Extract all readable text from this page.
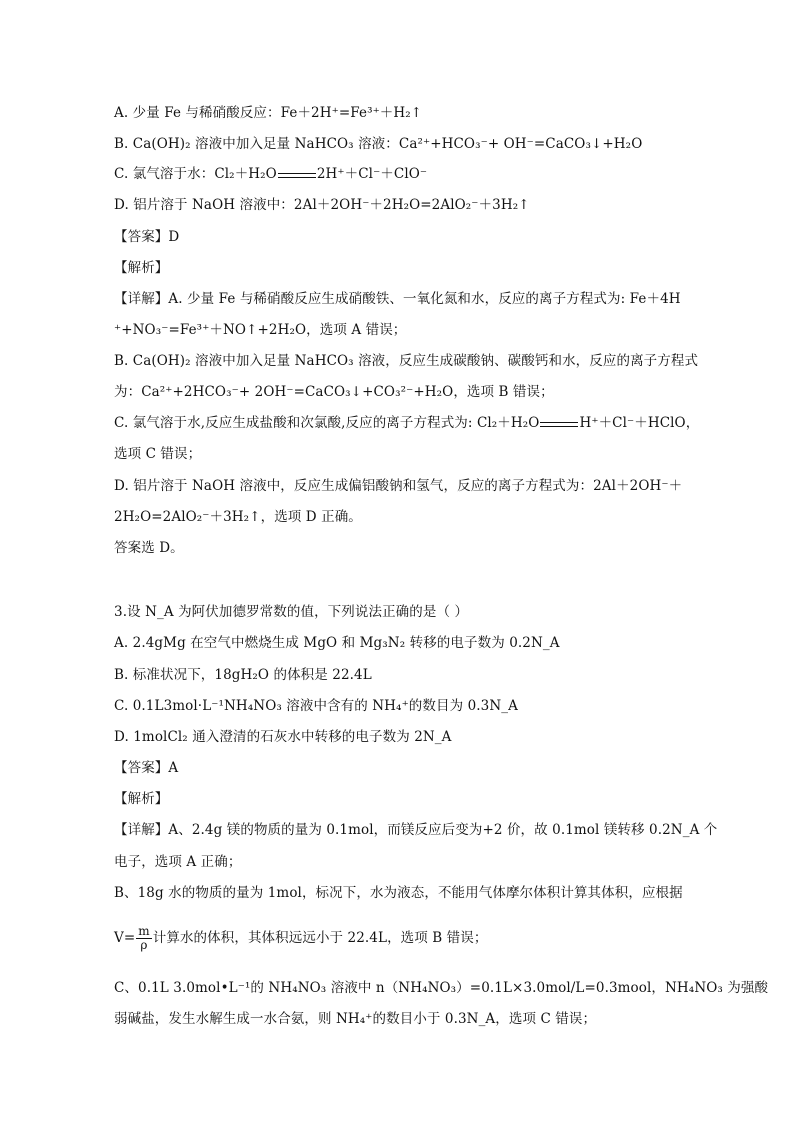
A. 少量 Fe 与稀硝酸反应：Fe＋2H⁺=Fe³⁺＋H₂↑
B. Ca(OH)₂ 溶液中加入足量 NaHCO₃ 溶液：Ca²⁺+HCO₃⁻+ OH⁻=CaCO₃↓+H₂O
C. 氯气溶于水：Cl₂＋H₂O	2H⁺＋Cl⁻＋ClO⁻
D. 铝片溶于 NaOH 溶液中：2Al＋2OH⁻＋2H₂O=2AlO₂⁻＋3H₂↑
【答案】D
【解析】
【详解】A. 少量 Fe 与稀硝酸反应生成硝酸铁、一氧化氮和水，反应的离子方程式为: Fe＋4H
⁺+NO₃⁻=Fe³⁺＋NO↑+2H₂O，选项 A 错误；
B. Ca(OH)₂ 溶液中加入足量 NaHCO₃ 溶液，反应生成碳酸钠、碳酸钙和水，反应的离子方程式
为：Ca²⁺+2HCO₃⁻+ 2OH⁻=CaCO₃↓+CO₃²⁻+H₂O，选项 B 错误；
C. 氯气溶于水,反应生成盐酸和次氯酸,反应的离子方程式为: Cl₂＋H₂O	H⁺＋Cl⁻＋HClO，
选项 C 错误；
D. 铝片溶于 NaOH 溶液中，反应生成偏铝酸钠和氢气，反应的离子方程式为：2Al＋2OH⁻＋
2H₂O=2AlO₂⁻＋3H₂↑，选项 D 正确。
答案选 D。
3.设 N_A 为阿伏加德罗常数的值，下列说法正确的是（ ）
A. 2.4gMg 在空气中燃烧生成 MgO 和 Mg₃N₂ 转移的电子数为 0.2N_A
B. 标准状况下，18gH₂O 的体积是 22.4L
C. 0.1L3mol·L⁻¹NH₄NO₃ 溶液中含有的 NH₄⁺的数目为 0.3N_A
D. 1molCl₂ 通入澄清的石灰水中转移的电子数为 2N_A
【答案】A
【解析】
【详解】A、2.4g 镁的物质的量为 0.1mol，而镁反应后变为+2 价，故 0.1mol 镁转移 0.2N_A 个
电子，选项 A 正确；
B、18g 水的物质的量为 1mol，标况下，水为液态，不能用气体摩尔体积计算其体积，应根据
$V= \frac{m}{\rho}$ 计算水的体积，其体积远远小于 22.4L，选项 B 错误；
C、0.1L 3.0mol•L⁻¹的 NH₄NO₃ 溶液中 n（NH₄NO₃）=0.1L×3.0mol/L=0.3mool，NH₄NO₃ 为强酸
弱碱盐，发生水解生成一水合氨，则 NH₄⁺的数目小于 0.3N_A，选项 C 错误；
